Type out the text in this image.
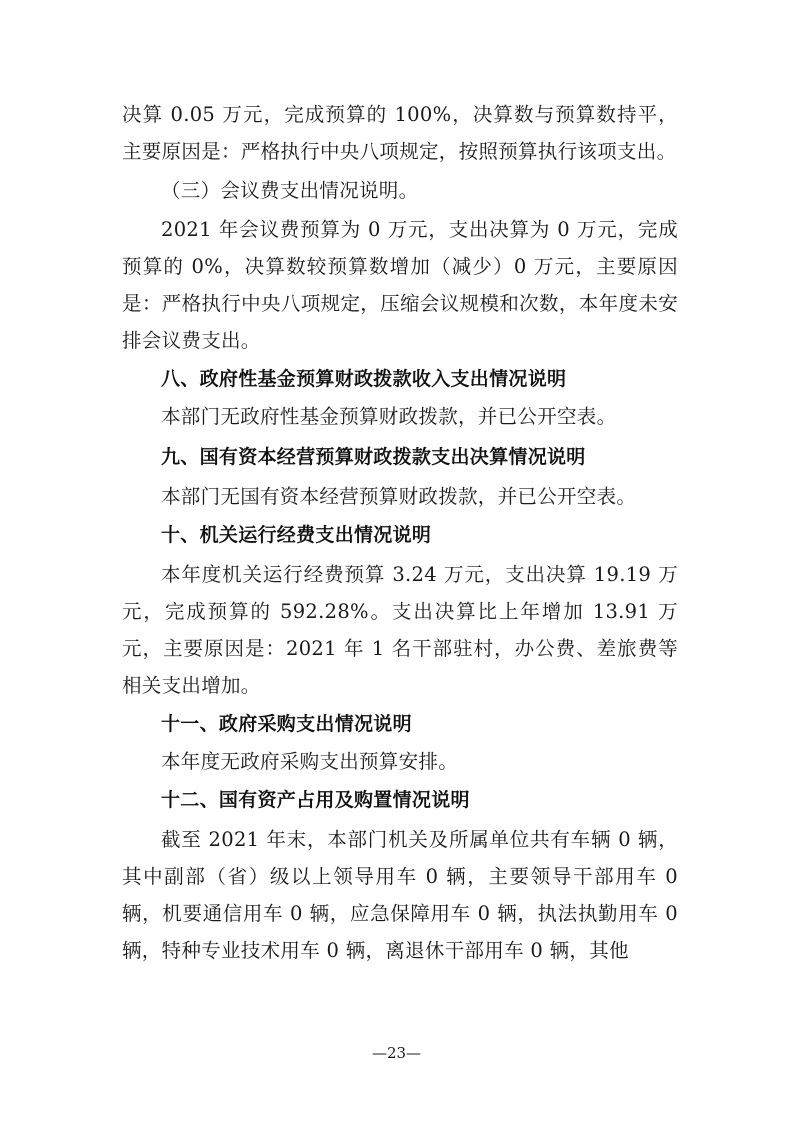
决算 0.05 万元，完成预算的 100%，决算数与预算数持平，主要原因是：严格执行中央八项规定，按照预算执行该项支出。

（三）会议费支出情况说明。

2021 年会议费预算为 0 万元，支出决算为 0 万元，完成预算的 0%，决算数较预算数增加（减少）0 万元，主要原因是：严格执行中央八项规定，压缩会议规模和次数，本年度未安排会议费支出。

八、政府性基金预算财政拨款收入支出情况说明

本部门无政府性基金预算财政拨款，并已公开空表。

九、国有资本经营预算财政拨款支出决算情况说明

本部门无国有资本经营预算财政拨款，并已公开空表。

十、机关运行经费支出情况说明

本年度机关运行经费预算 3.24 万元，支出决算 19.19 万元，完成预算的 592.28%。支出决算比上年增加 13.91 万元，主要原因是：2021 年 1 名干部驻村，办公费、差旅费等相关支出增加。

十一、政府采购支出情况说明

本年度无政府采购支出预算安排。

十二、国有资产占用及购置情况说明

截至 2021 年末，本部门机关及所属单位共有车辆 0 辆，其中副部（省）级以上领导用车 0 辆，主要领导干部用车 0 辆，机要通信用车 0 辆，应急保障用车 0 辆，执法执勤用车 0 辆，特种专业技术用车 0 辆，离退休干部用车 0 辆，其他

—23—
